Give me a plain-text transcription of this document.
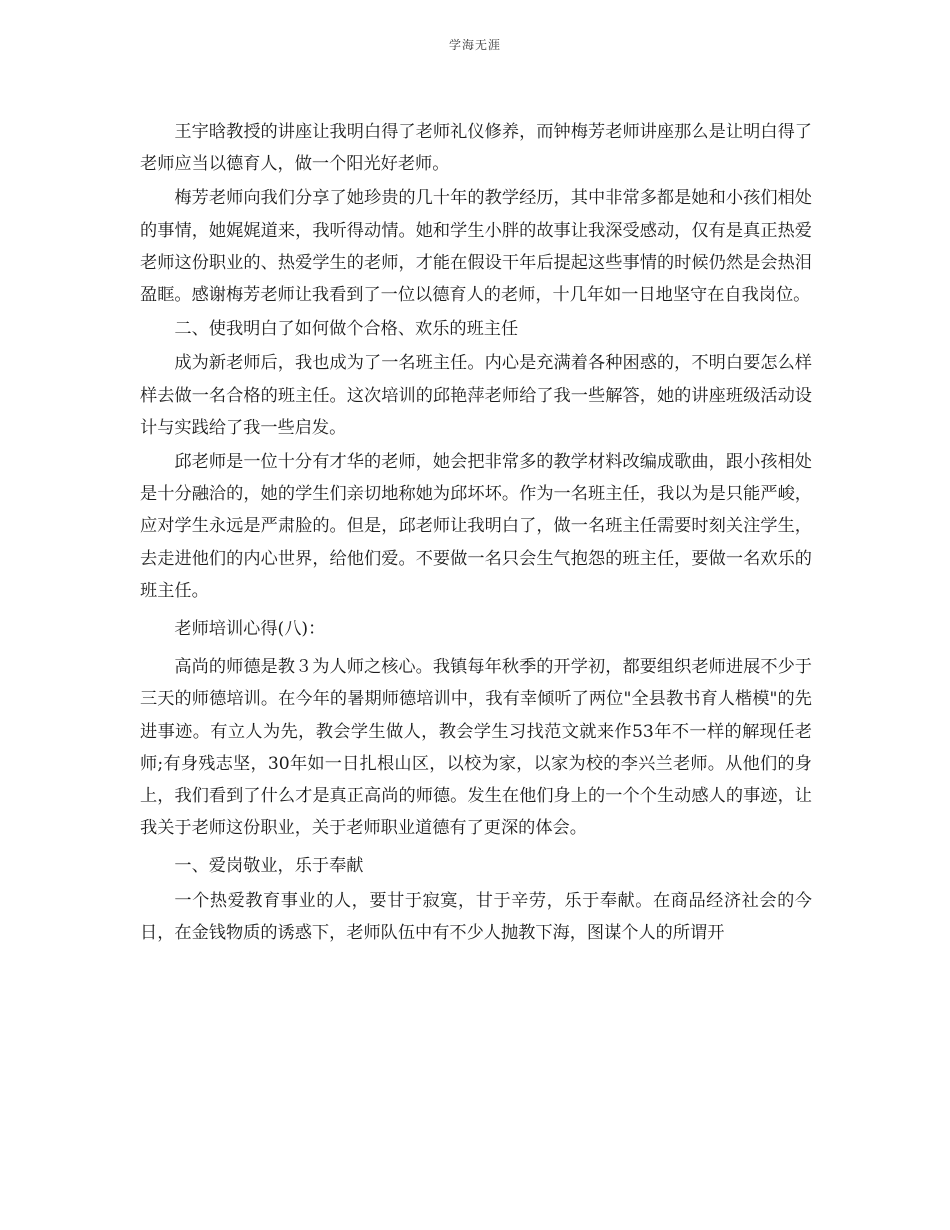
学海无涯

王宇晗教授的讲座让我明白得了老师礼仪修养，而钟梅芳老师讲座那么是让明白得了老师应当以德育人，做一个阳光好老师。

梅芳老师向我们分享了她珍贵的几十年的教学经历，其中非常多都是她和小孩们相处的事情，她娓娓道来，我听得动情。她和学生小胖的故事让我深受感动，仅有是真正热爱老师这份职业的、热爱学生的老师，才能在假设干年后提起这些事情的时候仍然是会热泪盈眶。感谢梅芳老师让我看到了一位以德育人的老师，十几年如一日地坚守在自我岗位。

二、使我明白了如何做个合格、欢乐的班主任

成为新老师后，我也成为了一名班主任。内心是充满着各种困惑的，不明白要怎么样样去做一名合格的班主任。这次培训的邱艳萍老师给了我一些解答，她的讲座班级活动设计与实践给了我一些启发。

邱老师是一位十分有才华的老师，她会把非常多的教学材料改编成歌曲，跟小孩相处是十分融洽的，她的学生们亲切地称她为邱坏坏。作为一名班主任，我以为是只能严峻，应对学生永远是严肃脸的。但是，邱老师让我明白了，做一名班主任需要时刻关注学生，去走进他们的内心世界，给他们爱。不要做一名只会生气抱怨的班主任，要做一名欢乐的班主任。

老师培训心得(八)：

高尚的师德是教３为人师之核心。我镇每年秋季的开学初，都要组织老师进展不少于三天的师德培训。在今年的暑期师德培训中，我有幸倾听了两位"全县教书育人楷模"的先进事迹。有立人为先，教会学生做人，教会学生习找范文就来作53年不一样的解现任老师;有身残志坚，30年如一日扎根山区，以校为家，以家为校的李兴兰老师。从他们的身上，我们看到了什么才是真正高尚的师德。发生在他们身上的一个个生动感人的事迹，让我关于老师这份职业，关于老师职业道德有了更深的体会。

一、爱岗敬业，乐于奉献

一个热爱教育事业的人，要甘于寂寞，甘于辛劳，乐于奉献。在商品经济社会的今日，在金钱物质的诱惑下，老师队伍中有不少人抛教下海，图谋个人的所谓开
